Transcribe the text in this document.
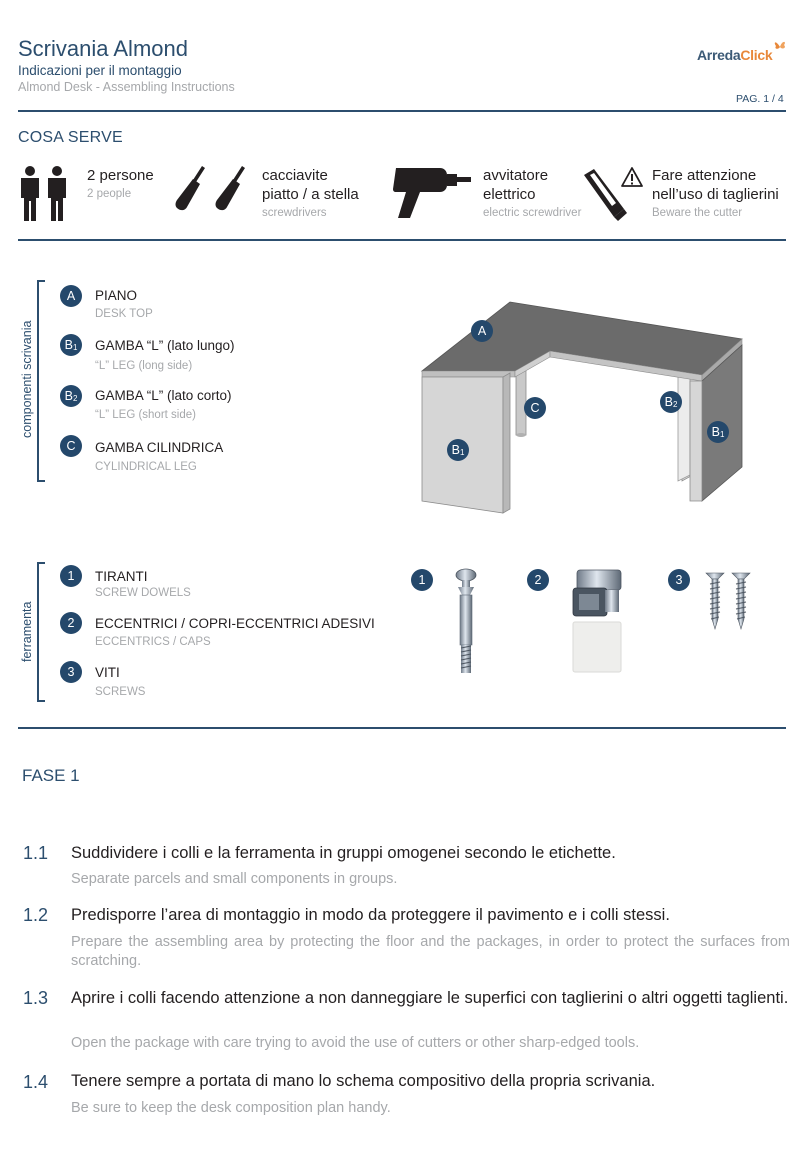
Scrivania Almond
Indicazioni per il montaggio
Almond Desk - Assembling Instructions
ArredaClick
PAG. 1 / 4
COSA SERVE
2 persone
2 people
cacciavite
piatto / a stella
screwdrivers
avvitatore
elettrico
electric screwdriver
Fare attenzione
nell’uso di taglierini
Beware the cutter
componenti scrivania
A	PIANO
DESK TOP
$B_1$	GAMBA “L” (lato lungo)
“L” LEG (long side)
$B_2$	GAMBA “L” (lato corto)
“L” LEG (short side)
C	GAMBA CILINDRICA
CYLINDRICAL LEG
A
C	$B_2$
$B_1$
$B_1$
ferramenta
1	TIRANTI
SCREW DOWELS
2	ECCENTRICI / COPRI-ECCENTRICI ADESIVI
ECCENTRICS / CAPS
3	VITI
SCREWS
1	2	3
FASE 1
1.1 Suddividere i colli e la ferramenta in gruppi omogenei secondo le etichette.
Separate parcels and small components in groups.
1.2 Predisporre l’area di montaggio in modo da proteggere il pavimento e i colli stessi.
Prepare the assembling area by protecting the floor and the packages, in order to protect the surfaces from scratching.
1.3 Aprire i colli facendo attenzione a non danneggiare le superfici con taglierini o altri oggetti taglienti.
Open the package with care trying to avoid the use of cutters or other sharp-edged tools.
1.4 Tenere sempre a portata di mano lo schema compositivo della propria scrivania.
Be sure to keep the desk composition plan handy.
